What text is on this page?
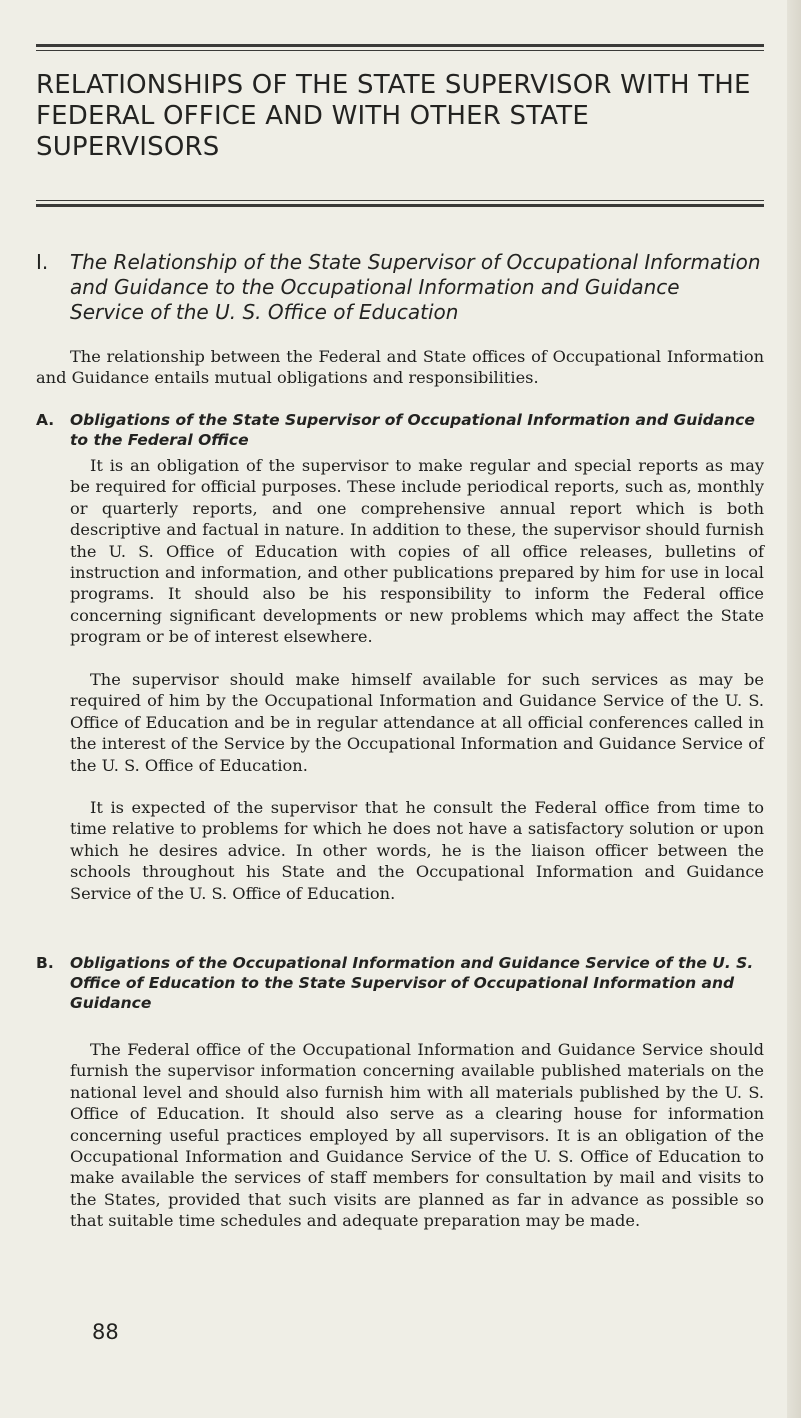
RELATIONSHIPS OF THE STATE SUPERVISOR WITH THE FEDERAL OFFICE AND WITH OTHER STATE SUPERVISORS
I. The Relationship of the State Supervisor of Occupational Information
and Guidance to the Occupational Information and Guidance
Service of the U. S. Office of Education

The relationship between the Federal and State offices of Occupational Information and Guidance entails mutual obligations and responsibilities.

A. Obligations of the State Supervisor of Occupational Information and Guidance
to the Federal Office

It is an obligation of the supervisor to make regular and special reports as may be required for official purposes. These include periodical reports, such as, monthly or quarterly reports, and one comprehensive annual report which is both descriptive and factual in nature. In addition to these, the supervisor should furnish the U. S. Office of Education with copies of all office releases, bulletins of instruction and information, and other publications prepared by him for use in local programs. It should also be his responsibility to inform the Federal office concerning significant developments or new problems which may affect the State program or be of interest elsewhere.

The supervisor should make himself available for such services as may be required of him by the Occupational Information and Guidance Service of the U. S. Office of Education and be in regular attendance at all official conferences called in the interest of the Service by the Occupational Information and Guidance Service of the U. S. Office of Education.

It is expected of the supervisor that he consult the Federal office from time to time relative to problems for which he does not have a satisfactory solution or upon which he desires advice. In other words, he is the liaison officer between the schools throughout his State and the Occupational Information and Guidance Service of the U. S. Office of Education.

B. Obligations of the Occupational Information and Guidance Service of the U. S.
Office of Education to the State Supervisor of Occupational Information and
Guidance

The Federal office of the Occupational Information and Guidance Service should furnish the supervisor information concerning available published materials on the national level and should also furnish him with all materials published by the U. S. Office of Education. It should also serve as a clearing house for information concerning useful practices employed by all supervisors. It is an obligation of the Occupational Information and Guidance Service of the U. S. Office of Education to make available the services of staff members for consultation by mail and visits to the States, provided that such visits are planned as far in advance as possible so that suitable time schedules and adequate preparation may be made.

88
